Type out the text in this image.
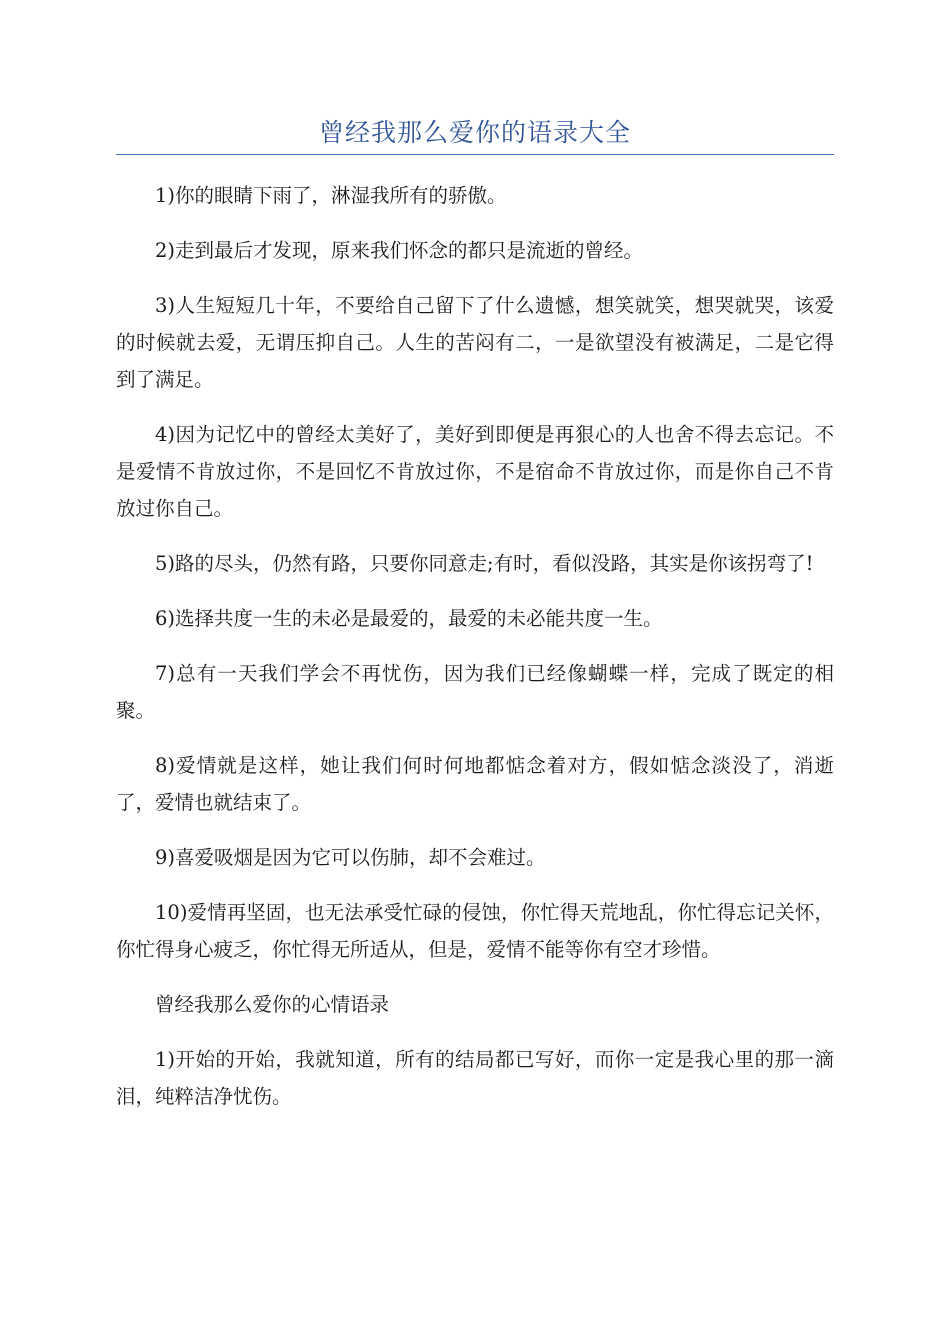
曾经我那么爱你的语录大全

1)你的眼睛下雨了，淋湿我所有的骄傲。

2)走到最后才发现，原来我们怀念的都只是流逝的曾经。

3)人生短短几十年，不要给自己留下了什么遗憾，想笑就笑，想哭就哭，该爱的时候就去爱，无谓压抑自己。人生的苦闷有二，一是欲望没有被满足，二是它得到了满足。

4)因为记忆中的曾经太美好了，美好到即便是再狠心的人也舍不得去忘记。不是爱情不肯放过你，不是回忆不肯放过你，不是宿命不肯放过你，而是你自己不肯放过你自己。

5)路的尽头，仍然有路，只要你同意走;有时，看似没路，其实是你该拐弯了!

6)选择共度一生的未必是最爱的，最爱的未必能共度一生。

7)总有一天我们学会不再忧伤，因为我们已经像蝴蝶一样，完成了既定的相聚。

8)爱情就是这样，她让我们何时何地都惦念着对方，假如惦念淡没了，消逝了，爱情也就结束了。

9)喜爱吸烟是因为它可以伤肺，却不会难过。

10)爱情再坚固，也无法承受忙碌的侵蚀，你忙得天荒地乱，你忙得忘记关怀，你忙得身心疲乏，你忙得无所适从，但是，爱情不能等你有空才珍惜。

曾经我那么爱你的心情语录

1)开始的开始，我就知道，所有的结局都已写好，而你一定是我心里的那一滴泪，纯粹洁净忧伤。
